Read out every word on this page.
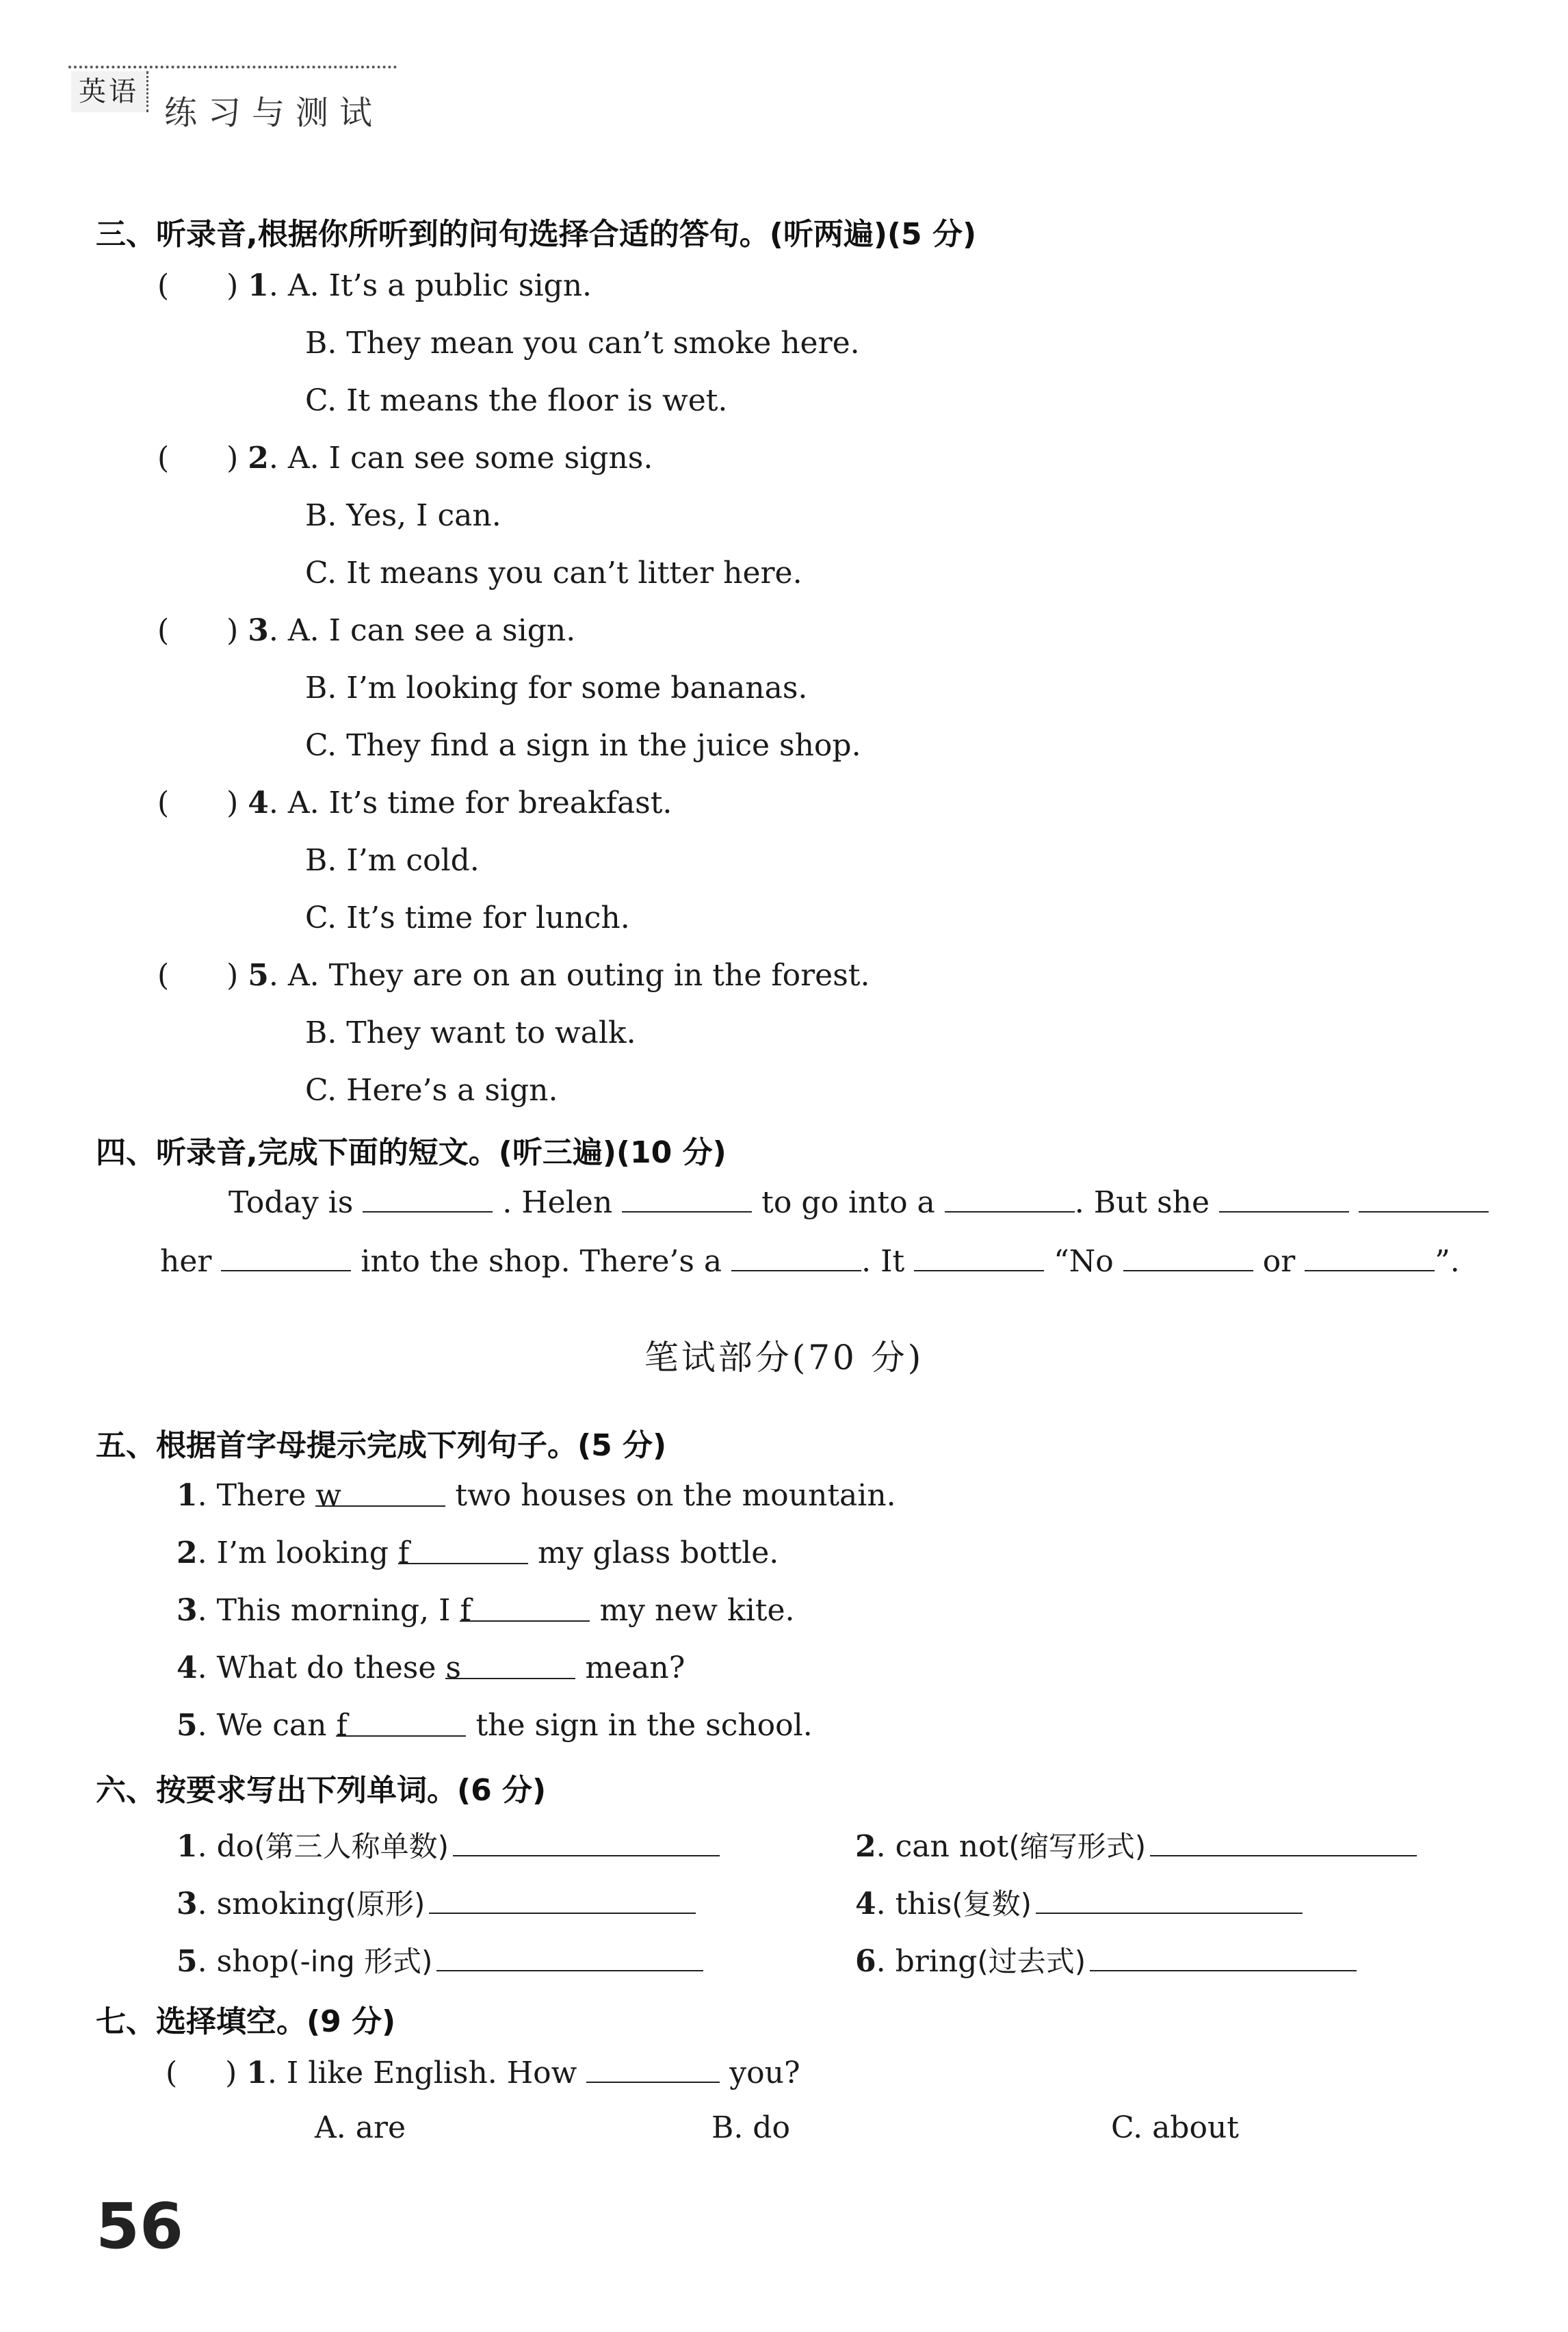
英语
练习与测试
三、听录音,根据你所听到的问句选择合适的答句。(听两遍)(5 分)
(      ) 1. A. It’s a public sign.
B. They mean you can’t smoke here.
C. It means the floor is wet.
(      ) 2. A. I can see some signs.
B. Yes, I can.
C. It means you can’t litter here.
(      ) 3. A. I can see a sign.
B. I’m looking for some bananas.
C. They find a sign in the juice shop.
(      ) 4. A. It’s time for breakfast.
B. I’m cold.
C. It’s time for lunch.
(      ) 5. A. They are on an outing in the forest.
B. They want to walk.
C. Here’s a sign.
四、听录音,完成下面的短文。(听三遍)(10 分)
Today is	. Helen	to go into a	. But she
her	into the shop. There’s a	. It	“No	or	”.
笔试部分(70 分)
五、根据首字母提示完成下列句子。(5 分)
1. There w	two houses on the mountain.
2. I’m looking f	my glass bottle.
3. This morning, I f	my new kite.
4. What do these s	mean?
5. We can f	the sign in the school.
六、按要求写出下列单词。(6 分)
1. do(第三人称单数)	2. can not(缩写形式)
3. smoking(原形)	4. this(复数)
5. shop(-ing 形式)	6. bring(过去式)
七、选择填空。(9 分)
(     ) 1. I like English. How	you?
A. are	B. do	C. about
56
